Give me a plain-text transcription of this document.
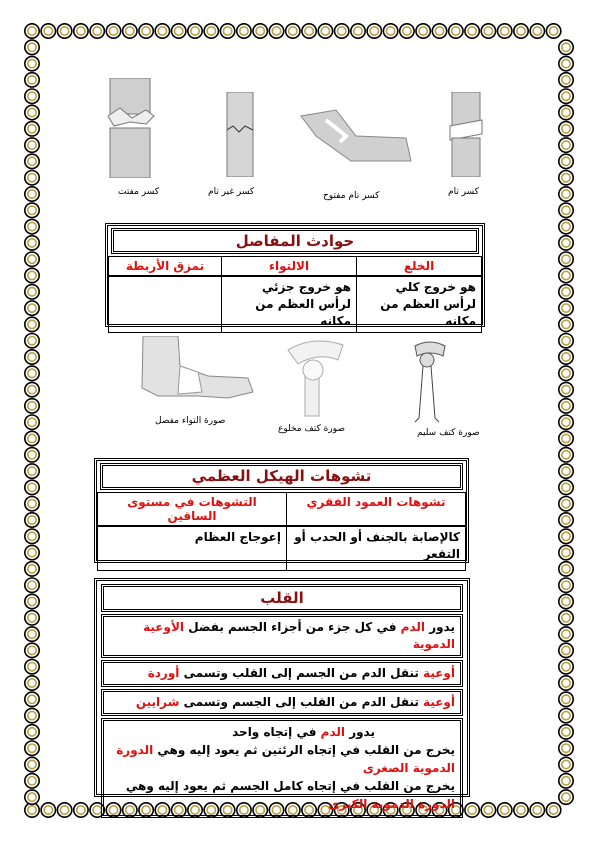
كسر تام
كسر تام مفتوح
كسر غير تام
كسر مفتت
حوادث المفاصل
الخلع	الالتواء	تمزق الأربطة
هو خروج كلي لرأس العظم من مكانه	هو خروج جزئي لرأس العظم من مكانه	
صورة كتف سليم
صورة كتف مخلوع
صورة التواء مفصل
تشوهات الهيكل العظمي
تشوهات العمود الفقري	التشوهات في مستوى الساقين
كالإصابة بالجنف أو الحدب أو التقعر	إعوجاج العظام
القلب
يدور الدم في كل جزء من أجزاء الجسم بفضل الأوعية الدموية
أوعية تنقل الدم من الجسم إلى القلب وتسمى أوردة
أوعية تنقل الدم من القلب إلى الجسم وتسمى شرايين
يدور الدم في إتجاه واحد
يخرج من القلب في إتجاه الرئتين ثم يعود إليه وهي الدورة الدموية الصغرى
يخرج من القلب في إتجاه كامل الجسم ثم يعود إليه وهي الدورة الدموية الكبرى
